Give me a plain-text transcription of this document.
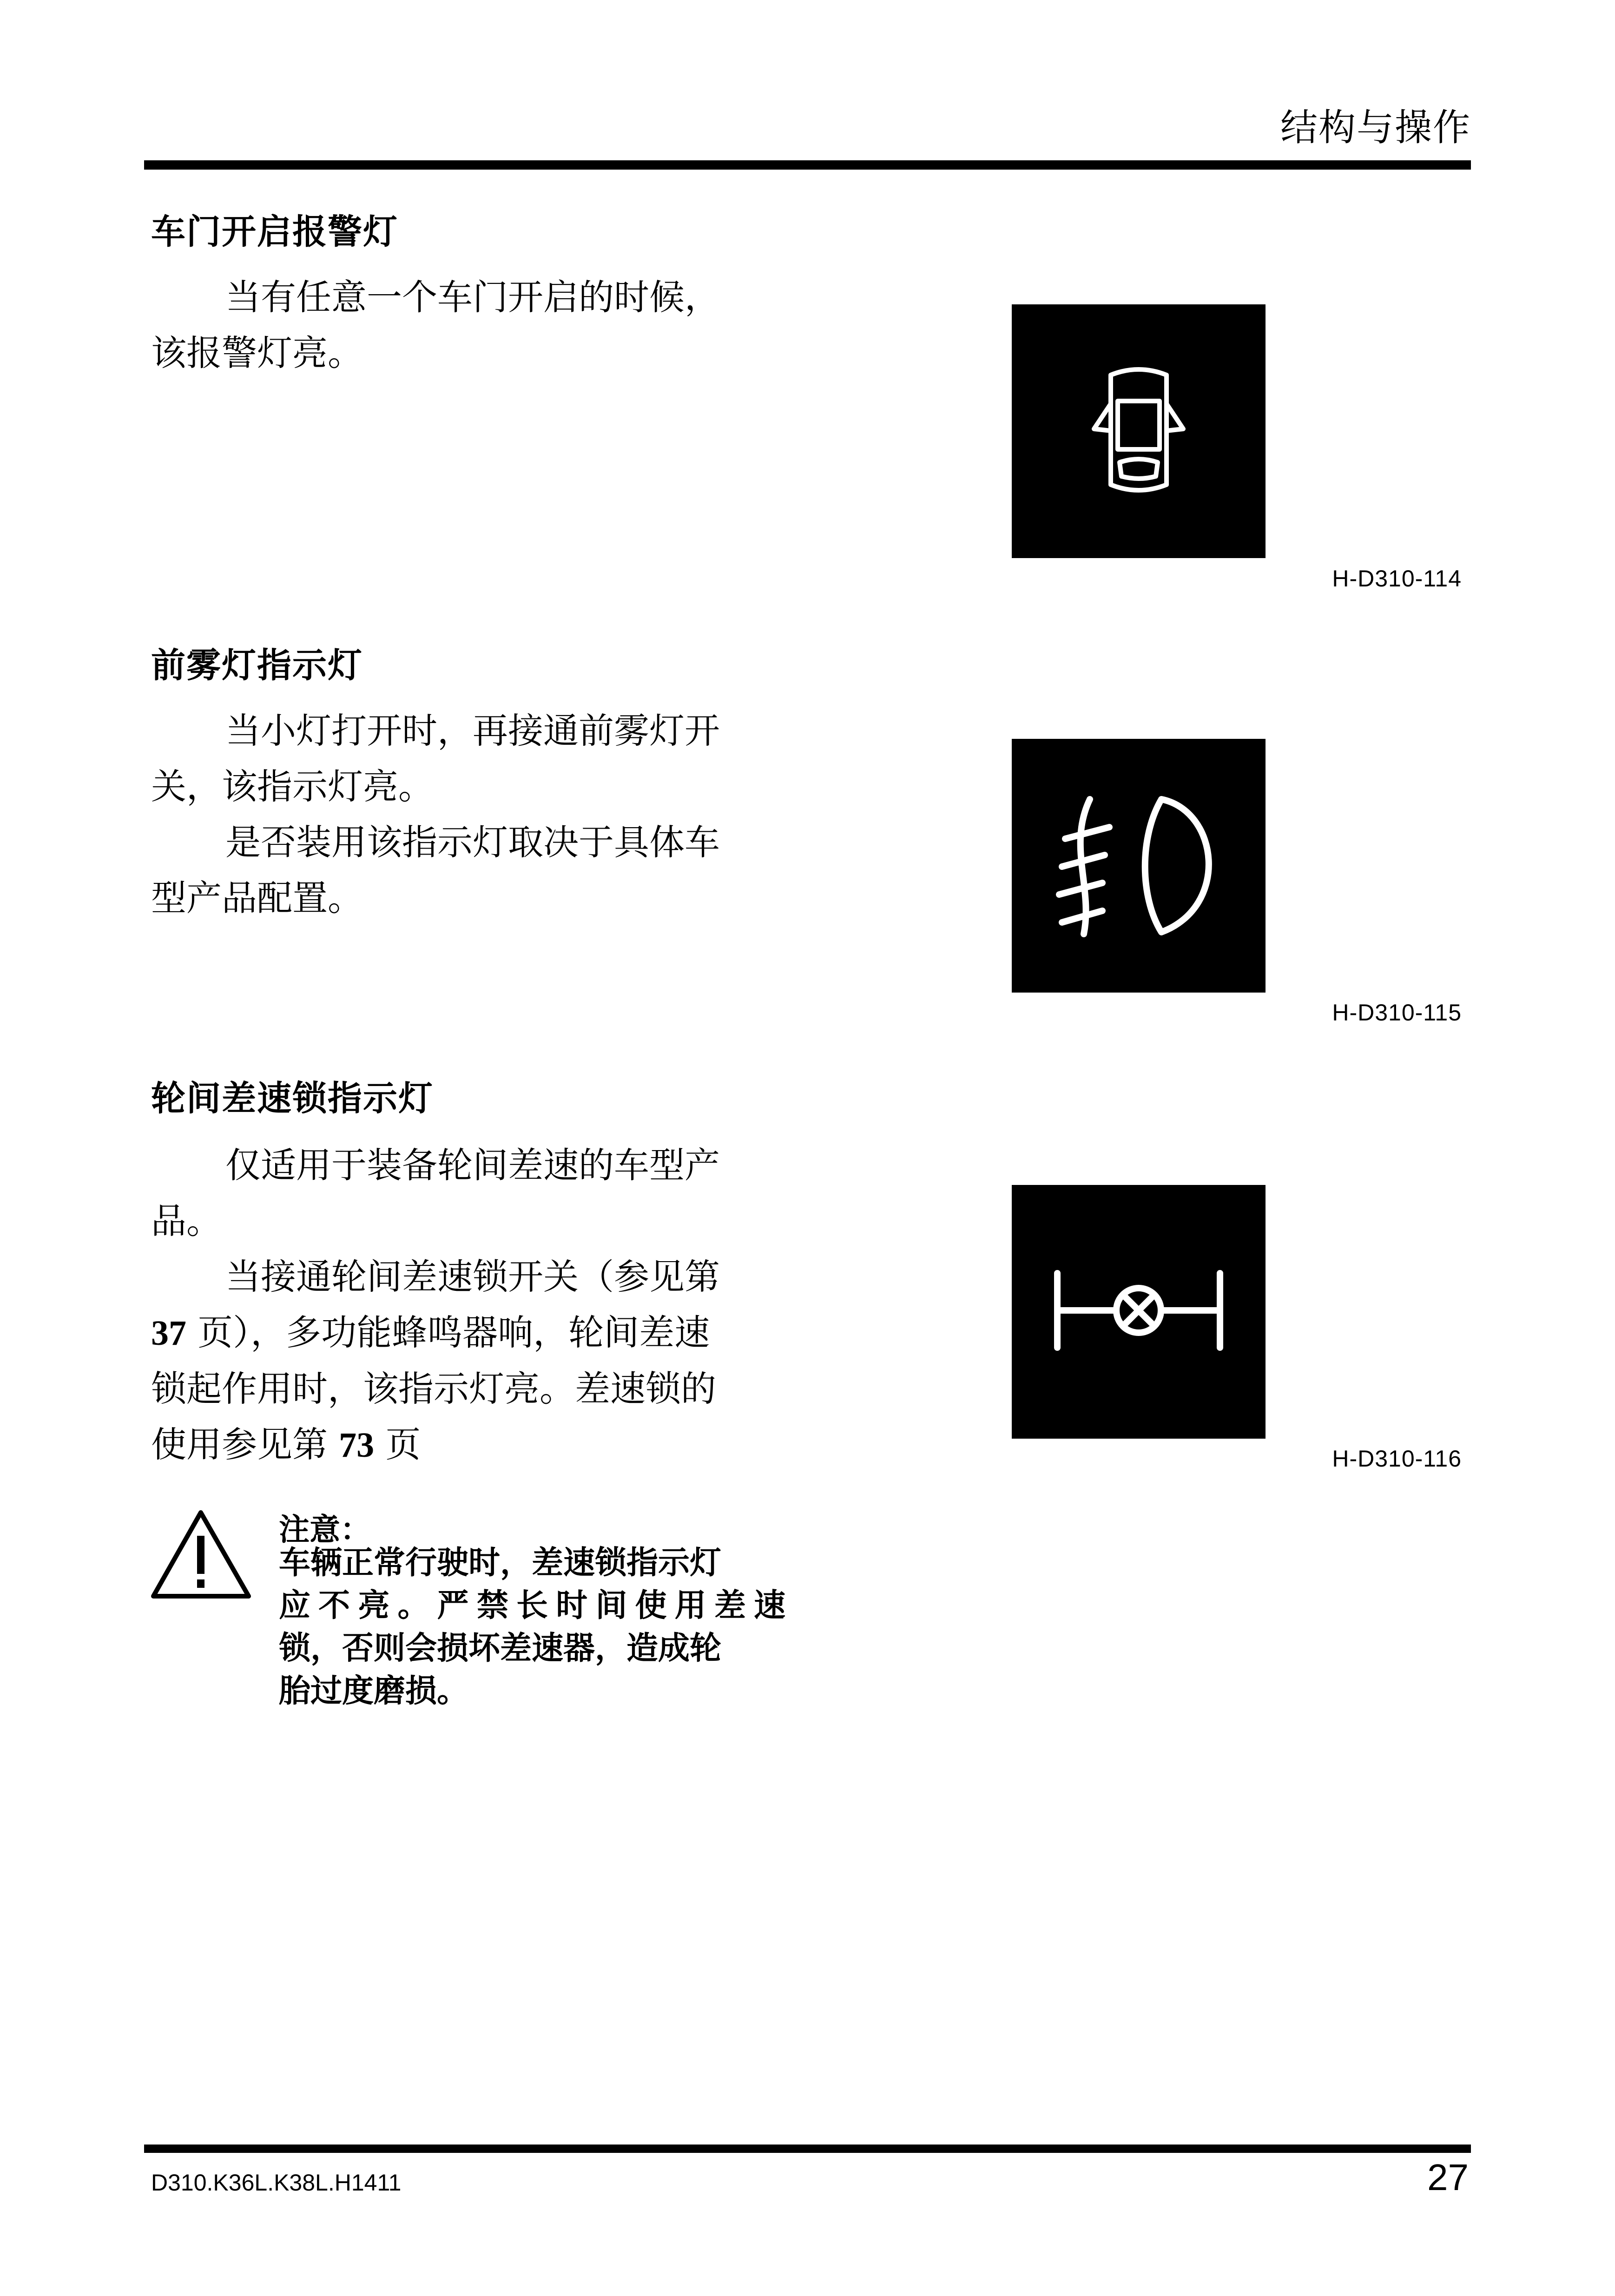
结构与操作
车门开启报警灯

当有任意一个车门开启的时候，
该报警灯亮。

H-D310-114
前雾灯指示灯

当小灯打开时，再接通前雾灯开
关，该指示灯亮。
是否装用该指示灯取决于具体车
型产品配置。

H-D310-115
轮间差速锁指示灯

仅适用于装备轮间差速的车型产
品。
当接通轮间差速锁开关（参见第
37 页），多功能蜂鸣器响，轮间差速
锁起作用时，该指示灯亮。差速锁的
使用参见第 73 页	H-D310-116
注意：
车辆正常行驶时，差速锁指示灯
应不亮。严禁长时间使用差速
锁，否则会损坏差速器，造成轮
胎过度磨损。
D310.K36L.K38L.H1411	27
